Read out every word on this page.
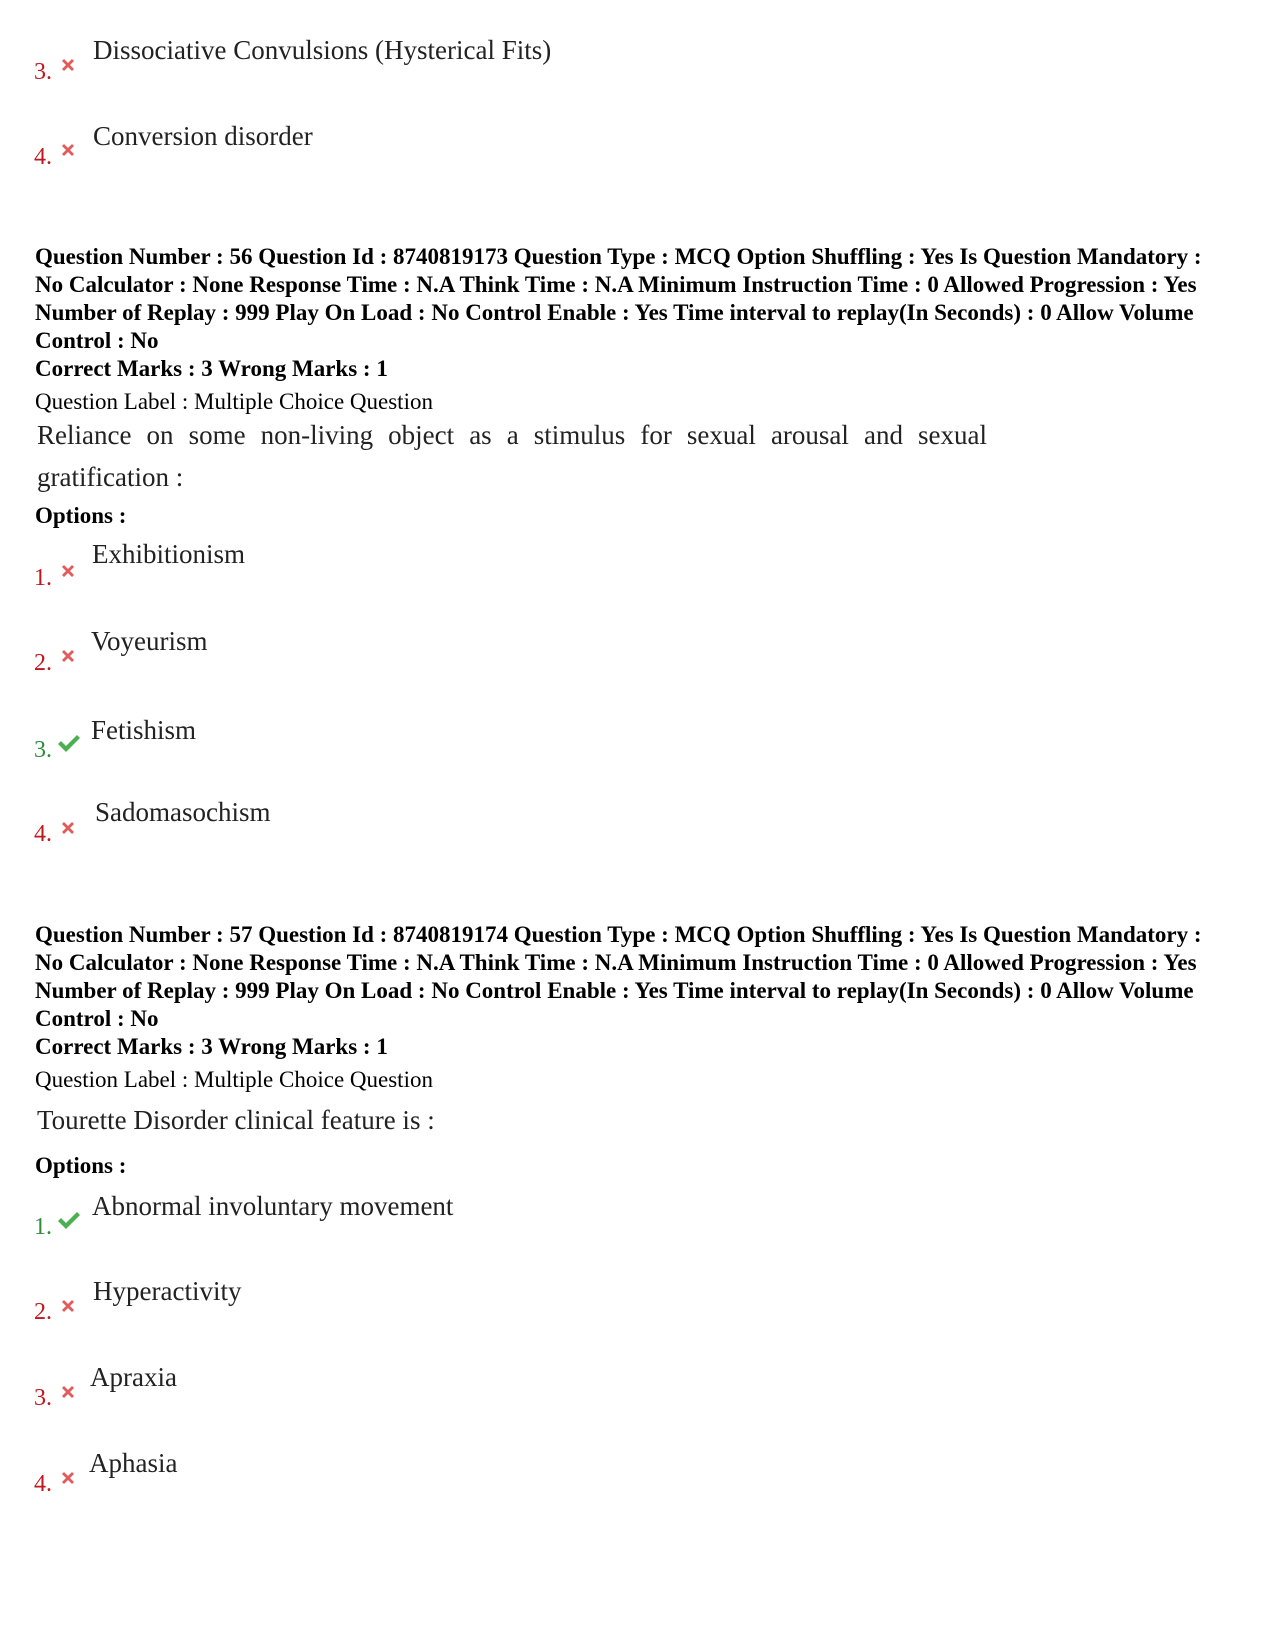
3.
Dissociative Convulsions (Hysterical Fits)
4.
Conversion disorder
Question Number : 56 Question Id : 8740819173 Question Type : MCQ Option Shuffling : Yes Is Question Mandatory : No Calculator : None Response Time : N.A Think Time : N.A Minimum Instruction Time : 0 Allowed Progression : Yes Number of Replay : 999 Play On Load : No Control Enable : Yes Time interval to replay(In Seconds) : 0 Allow Volume Control : No
Correct Marks : 3 Wrong Marks : 1
Question Label : Multiple Choice Question
Reliance on some non-living object as a stimulus for sexual arousal and sexual gratification :
Options :
1.
Exhibitionism
2.
Voyeurism
3.
Fetishism
4.
Sadomasochism
Question Number : 57 Question Id : 8740819174 Question Type : MCQ Option Shuffling : Yes Is Question Mandatory : No Calculator : None Response Time : N.A Think Time : N.A Minimum Instruction Time : 0 Allowed Progression : Yes Number of Replay : 999 Play On Load : No Control Enable : Yes Time interval to replay(In Seconds) : 0 Allow Volume Control : No
Correct Marks : 3 Wrong Marks : 1
Question Label : Multiple Choice Question
Tourette Disorder clinical feature is :
Options :
1.
Abnormal involuntary movement
2.
Hyperactivity
3.
Apraxia
4.
Aphasia
